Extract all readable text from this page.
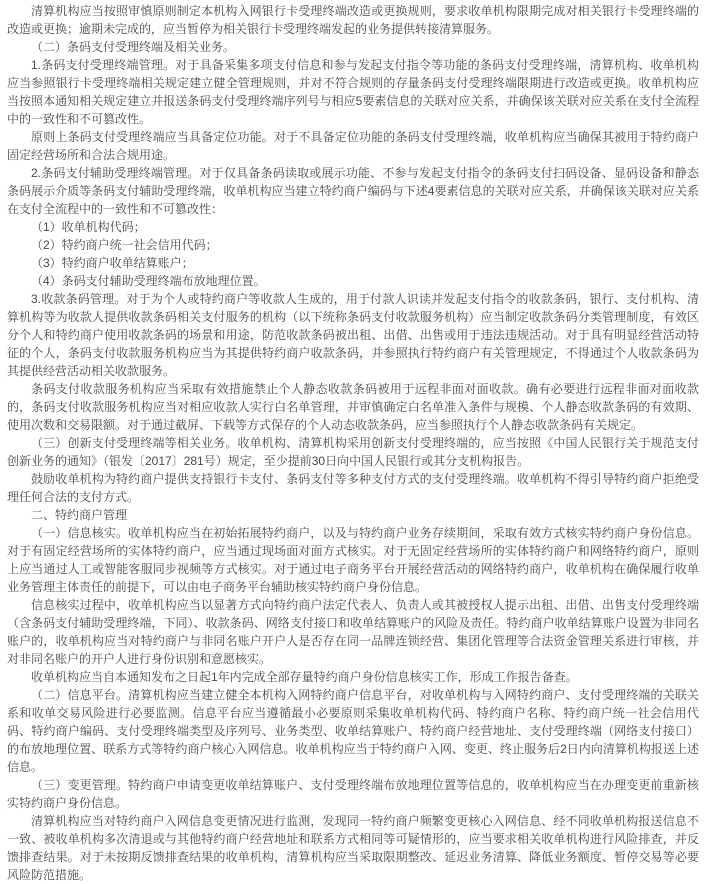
清算机构应当按照审慎原则制定本机构入网银行卡受理终端改造或更换规则，要求收单机构限期完成对相关银行卡受理终端的改造或更换；逾期未完成的，应当暂停为相关银行卡受理终端发起的业务提供转接清算服务。

（二）条码支付受理终端及相关业务。

1.条码支付受理终端管理。对于具备采集多项支付信息和参与发起支付指令等功能的条码支付受理终端，清算机构、收单机构应当参照银行卡受理终端相关规定建立健全管理规则，并对不符合规则的存量条码支付受理终端限期进行改造或更换。收单机构应当按照本通知相关规定建立并报送条码支付受理终端序列号与相应5要素信息的关联对应关系，并确保该关联对应关系在支付全流程中的一致性和不可篡改性。

原则上条码支付受理终端应当具备定位功能。对于不具备定位功能的条码支付受理终端，收单机构应当确保其被用于特约商户固定经营场所和合法合规用途。

2.条码支付辅助受理终端管理。对于仅具备条码读取或展示功能、不参与发起支付指令的条码支付扫码设备、显码设备和静态条码展示介质等条码支付辅助受理终端，收单机构应当建立特约商户编码与下述4要素信息的关联对应关系，并确保该关联对应关系在支付全流程中的一致性和不可篡改性：

（1）收单机构代码；

（2）特约商户统一社会信用代码；

（3）特约商户收单结算账户；

（4）条码支付辅助受理终端布放地理位置。

3.收款条码管理。对于为个人或特约商户等收款人生成的，用于付款人识读并发起支付指令的收款条码，银行、支付机构、清算机构等为收款人提供收款条码相关支付服务的机构（以下统称条码支付收款服务机构）应当制定收款条码分类管理制度，有效区分个人和特约商户使用收款条码的场景和用途，防范收款条码被出租、出借、出售或用于违法违规活动。对于具有明显经营活动特征的个人，条码支付收款服务机构应当为其提供特约商户收款条码，并参照执行特约商户有关管理规定，不得通过个人收款条码为其提供经营活动相关收款服务。

条码支付收款服务机构应当采取有效措施禁止个人静态收款条码被用于远程非面对面收款。确有必要进行远程非面对面收款的，条码支付收款服务机构应当对相应收款人实行白名单管理，并审慎确定白名单准入条件与规模、个人静态收款条码的有效期、使用次数和交易限额。对于通过截屏、下载等方式保存的个人动态收款条码，应当参照执行个人静态收款条码有关规定。

（三）创新支付受理终端等相关业务。收单机构、清算机构采用创新支付受理终端的，应当按照《中国人民银行关于规范支付创新业务的通知》（银发〔2017〕281号）规定，至少提前30日向中国人民银行或其分支机构报告。

鼓励收单机构为特约商户提供支持银行卡支付、条码支付等多种支付方式的支付受理终端。收单机构不得引导特约商户拒绝受理任何合法的支付方式。

二、特约商户管理

（一）信息核实。收单机构应当在初始拓展特约商户，以及与特约商户业务存续期间，采取有效方式核实特约商户身份信息。对于有固定经营场所的实体特约商户，应当通过现场面对面方式核实。对于无固定经营场所的实体特约商户和网络特约商户，原则上应当通过人工或智能客服同步视频等方式核实。对于通过电子商务平台开展经营活动的网络特约商户，收单机构在确保履行收单业务管理主体责任的前提下，可以由电子商务平台辅助核实特约商户身份信息。

信息核实过程中，收单机构应当以显著方式向特约商户法定代表人、负责人或其被授权人提示出租、出借、出售支付受理终端（含条码支付辅助受理终端，下同）、收款条码、网络支付接口和收单结算账户的风险及责任。特约商户收单结算账户设置为非同名账户的，收单机构应当对特约商户与非同名账户开户人是否存在同一品牌连锁经营、集团化管理等合法资金管理关系进行审核，并对非同名账户的开户人进行身份识别和意愿核实。

收单机构应当自本通知发布之日起1年内完成全部存量特约商户身份信息核实工作，形成工作报告备查。

（二）信息平台。清算机构应当建立健全本机构入网特约商户信息平台，对收单机构与入网特约商户、支付受理终端的关联关系和收单交易风险进行必要监测。信息平台应当遵循最小必要原则采集收单机构代码、特约商户名称、特约商户统一社会信用代码、特约商户编码、支付受理终端类型及序列号、业务类型、收单结算账户、特约商户经营地址、支付受理终端（网络支付接口）的布放地理位置、联系方式等特约商户核心入网信息。收单机构应当于特约商户入网、变更、终止服务后2日内向清算机构报送上述信息。

（三）变更管理。特约商户申请变更收单结算账户、支付受理终端布放地理位置等信息的，收单机构应当在办理变更前重新核实特约商户身份信息。

清算机构应当对特约商户入网信息变更情况进行监测，发现同一特约商户频繁变更核心入网信息、经不同收单机构报送信息不一致、被收单机构多次清退或与其他特约商户经营地址和联系方式相同等可疑情形的，应当要求相关收单机构进行风险排查，并反馈排查结果。对于未按期反馈排查结果的收单机构，清算机构应当采取限期整改、延迟业务清算、降低业务额度、暂停交易等必要风险防范措施。
